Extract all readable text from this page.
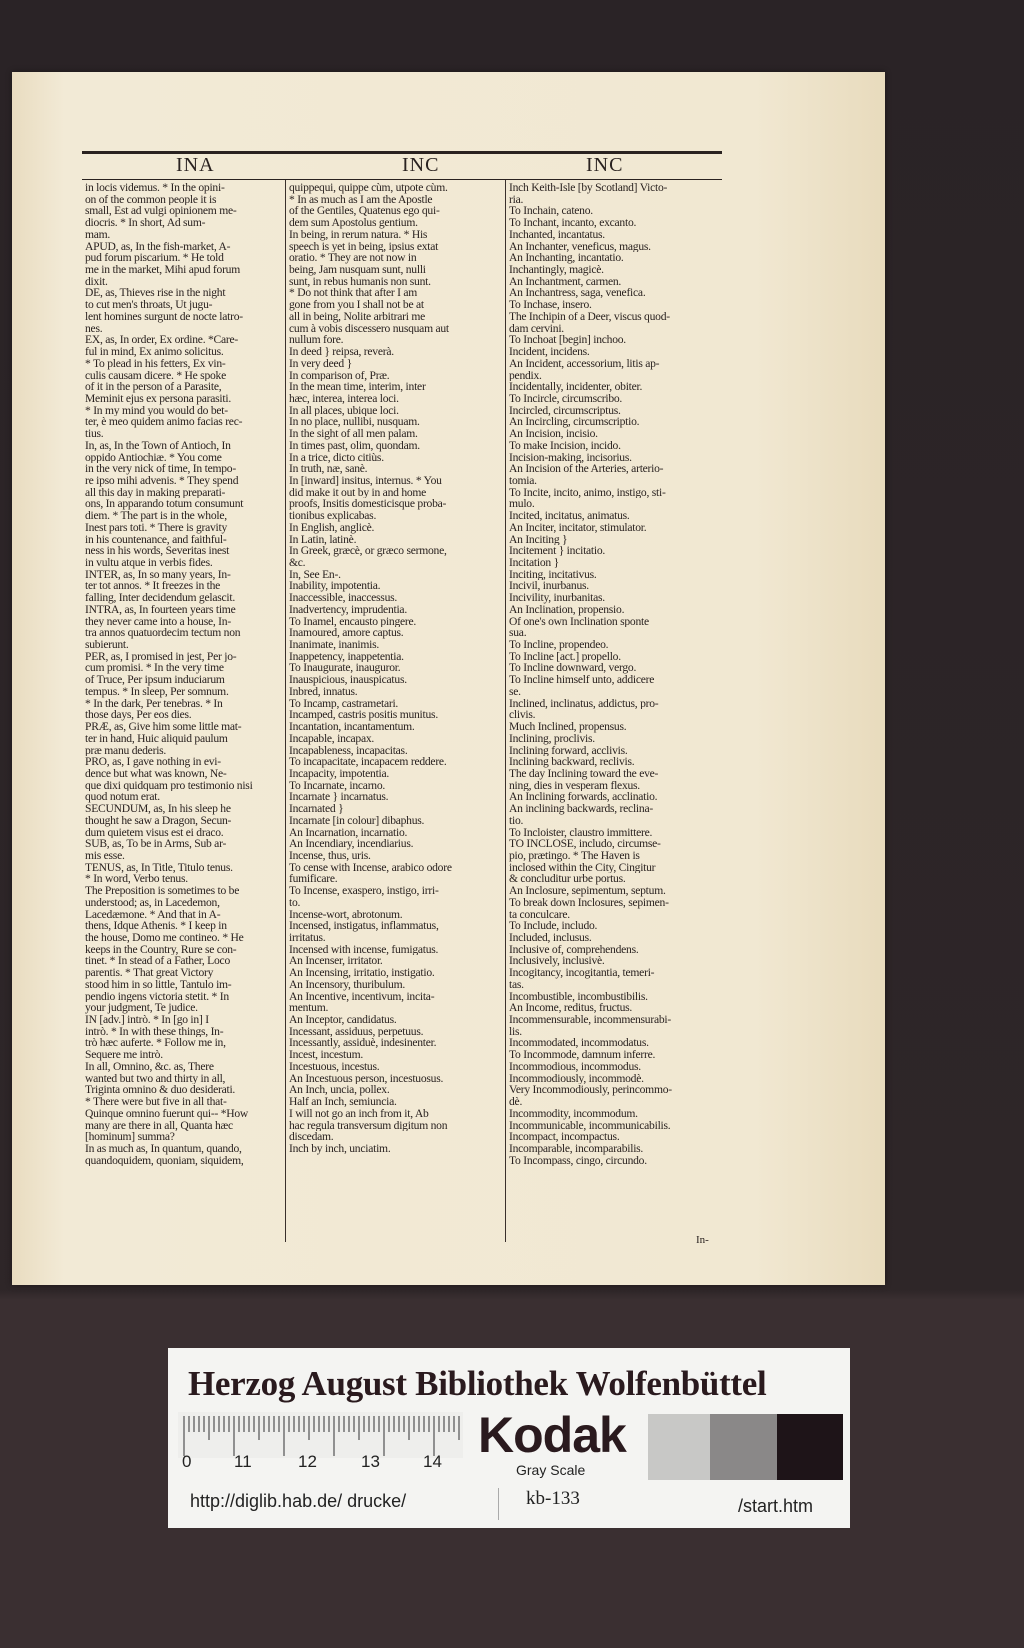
INA	INC	INC
in locis videmus. * In the opini-
on of the common people it is
small, Est ad vulgi opinionem me-
diocris. * In short, Ad sum-
mam.
APUD, as, In the fish-market, A-
pud forum piscarium. * He told
me in the market, Mihi apud forum
dixit.
DE, as, Thieves rise in the night
to cut men's throats, Ut jugu-
lent homines surgunt de nocte latro-
nes.
EX, as, In order, Ex ordine. *Care-
ful in mind, Ex animo solicitus.
* To plead in his fetters, Ex vin-
culis causam dicere. * He spoke
of it in the person of a Parasite,
Meminit ejus ex persona parasiti.
* In my mind you would do bet-
ter, è meo quidem animo facias rec-
tius.
In, as, In the Town of Antioch, In
oppido Antiochiæ. * You come
in the very nick of time, In tempo-
re ipso mihi advenis. * They spend
all this day in making preparati-
ons, In apparando totum consumunt
diem. * The part is in the whole,
Inest pars toti. * There is gravity
in his countenance, and faithful-
ness in his words, Severitas inest
in vultu atque in verbis fides.
INTER, as, In so many years, In-
ter tot annos. * It freezes in the
falling, Inter decidendum gelascit.
INTRA, as, In fourteen years time
they never came into a house, In-
tra annos quatuordecim tectum non
subierunt.
PER, as, I promised in jest, Per jo-
cum promisi. * In the very time
of Truce, Per ipsum induciarum
tempus. * In sleep, Per somnum.
* In the dark, Per tenebras. * In
those days, Per eos dies.
PRÆ, as, Give him some little mat-
ter in hand, Huic aliquid paulum
præ manu dederis.
PRO, as, I gave nothing in evi-
dence but what was known, Ne-
que dixi quidquam pro testimonio nisi
quod notum erat.
SECUNDUM, as, In his sleep he
thought he saw a Dragon, Secun-
dum quietem visus est ei draco.
SUB, as, To be in Arms, Sub ar-
mis esse.
TENUS, as, In Title, Titulo tenus.
* In word, Verbo tenus.
The Preposition is sometimes to be
understood; as, in Lacedemon,
Lacedæmone. * And that in A-
thens, Idque Athenis. * I keep in
the house, Domo me contineo. * He
keeps in the Country, Rure se con-
tinet. * In stead of a Father, Loco
parentis. * That great Victory
stood him in so little, Tantulo im-
pendio ingens victoria stetit. * In
your judgment, Te judice.
IN [adv.] intrò. * In [go in] I
intrò. * In with these things, In-
trò hæc auferte. * Follow me in,
Sequere me intrò.
In all, Omnino, &c. as, There
wanted but two and thirty in all,
Triginta omnino & duo desiderati.
* There were but five in all that-
Quinque omnino fuerunt qui-- *How
many are there in all, Quanta hæc
[hominum] summa?
In as much as, In quantum, quando,
quandoquidem, quoniam, siquidem,
quippequi, quippe cùm, utpote cùm.
* In as much as I am the Apostle
of the Gentiles, Quatenus ego qui-
dem sum Apostolus gentium.
In being, in rerum natura. * His
speech is yet in being, ipsius extat
oratio. * They are not now in
being, Jam nusquam sunt, nulli
sunt, in rebus humanis non sunt.
* Do not think that after I am
gone from you I shall not be at
all in being, Nolite arbitrari me
cum à vobis discessero nusquam aut
nullum fore.
In deed } reipsa, reverà.
In very deed }
In comparison of, Præ.
In the mean time, interim, inter
hæc, interea, interea loci.
In all places, ubique loci.
In no place, nullibi, nusquam.
In the sight of all men palam.
In times past, olim, quondam.
In a trice, dicto citiùs.
In truth, næ, sanè.
In [inward] insitus, internus. * You
did make it out by in and home
proofs, Insitis domesticisque proba-
tionibus explicabas.
In English, anglicè.
In Latin, latinè.
In Greek, græcè, or græco sermone,
&c.
In, See En-.
Inability, impotentia.
Inaccessible, inaccessus.
Inadvertency, imprudentia.
To Inamel, encausto pingere.
Inamoured, amore captus.
Inanimate, inanimis.
Inappetency, inappetentia.
To Inaugurate, inauguror.
Inauspicious, inauspicatus.
Inbred, innatus.
To Incamp, castrametari.
Incamped, castris positis munitus.
Incantation, incantamentum.
Incapable, incapax.
Incapableness, incapacitas.
To incapacitate, incapacem reddere.
Incapacity, impotentia.
To Incarnate, incarno.
Incarnate } incarnatus.
Incarnated }
Incarnate [in colour] dibaphus.
An Incarnation, incarnatio.
An Incendiary, incendiarius.
Incense, thus, uris.
To cense with Incense, arabico odore
fumificare.
To Incense, exaspero, instigo, irri-
to.
Incense-wort, abrotonum.
Incensed, instigatus, inflammatus,
irritatus.
Incensed with incense, fumigatus.
An Incenser, irritator.
An Incensing, irritatio, instigatio.
An Incensory, thuribulum.
An Incentive, incentivum, incita-
mentum.
An Inceptor, candidatus.
Incessant, assiduus, perpetuus.
Incessantly, assiduè, indesinenter.
Incest, incestum.
Incestuous, incestus.
An Incestuous person, incestuosus.
An Inch, uncia, pollex.
Half an Inch, semiuncia.
I will not go an inch from it, Ab
hac regula transversum digitum non
discedam.
Inch by inch, unciatim.
Inch Keith-Isle [by Scotland] Victo-
ria.
To Inchain, cateno.
To Inchant, incanto, excanto.
Inchanted, incantatus.
An Inchanter, veneficus, magus.
An Inchanting, incantatio.
Inchantingly, magicè.
An Inchantment, carmen.
An Inchantress, saga, venefica.
To Inchase, insero.
The Inchipin of a Deer, viscus quod-
dam cervini.
To Inchoat [begin] inchoo.
Incident, incidens.
An Incident, accessorium, litis ap-
pendix.
Incidentally, incidenter, obiter.
To Incircle, circumscribo.
Incircled, circumscriptus.
An Incircling, circumscriptio.
An Incision, incisio.
To make Incision, incido.
Incision-making, incisorius.
An Incision of the Arteries, arterio-
tomia.
To Incite, incito, animo, instigo, sti-
mulo.
Incited, incitatus, animatus.
An Inciter, incitator, stimulator.
An Inciting }
Incitement } incitatio.
Incitation }
Inciting, incitativus.
Incivil, inurbanus.
Incivility, inurbanitas.
An Inclination, propensio.
Of one's own Inclination sponte
sua.
To Incline, propendeo.
To Incline [act.] propello.
To Incline downward, vergo.
To Incline himself unto, addicere
se.
Inclined, inclinatus, addictus, pro-
clivis.
Much Inclined, propensus.
Inclining, proclivis.
Inclining forward, acclivis.
Inclining backward, reclivis.
The day Inclining toward the eve-
ning, dies in vesperam flexus.
An Inclining forwards, acclinatio.
An inclining backwards, reclina-
tio.
To Incloister, claustro immittere.
TO INCLOSE, includo, circumse-
pio, prætingo. * The Haven is
inclosed within the City, Cingitur
& concluditur urbe portus.
An Inclosure, sepimentum, septum.
To break down Inclosures, sepimen-
ta conculcare.
To Include, includo.
Included, inclusus.
Inclusive of, comprehendens.
Inclusively, inclusivè.
Incogitancy, incogitantia, temeri-
tas.
Incombustible, incombustibilis.
An Income, reditus, fructus.
Incommensurable, incommensurabi-
lis.
Incommodated, incommodatus.
To Incommode, damnum inferre.
Incommodious, incommodus.
Incommodiously, incommodè.
Very Incommodiously, perincommo-
dè.
Incommodity, incommodum.
Incommunicable, incommunicabilis.
Incompact, incompactus.
Incomparable, incomparabilis.
To Incompass, cingo, circundo.
In-
Herzog August Bibliothek Wolfenbüttel
0	11	12	13	14 Kodak
Gray Scale
http://diglib.hab.de/ drucke/	kb-133	/start.htm
